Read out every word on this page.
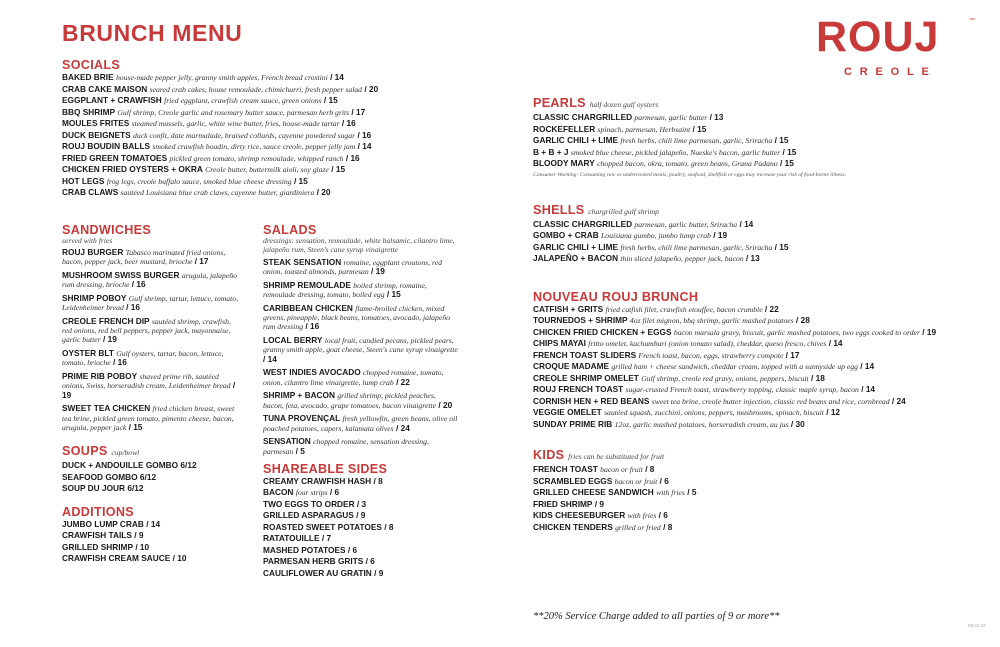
BRUNCH MENU	ROUJ	™
CREOLE
SOCIALS
BAKED BRIE house-made pepper jelly, granny smith apples, French bread crostini / 14
CRAB CAKE MAISON seared crab cakes, house remoulade, chimichurri, fresh pepper salad / 20
EGGPLANT + CRAWFISH fried eggplant, crawfish cream sauce, green onions / 15
BBQ SHRIMP Gulf shrimp, Creole garlic and rosemary butter sauce, parmesan herb grits / 17
MOULES FRITES steamed mussels, garlic, white wine butter, fries, house-made tartar / 16
DUCK BEIGNETS duck confit, date marmalade, braised collards, cayenne powdered sugar / 16
ROUJ BOUDIN BALLS smoked crawfish boudin, dirty rice, sauce creole, pepper jelly jam / 14
FRIED GREEN TOMATOES pickled green tomato, shrimp remoulade, whipped ranch / 16
CHICKEN FRIED OYSTERS + OKRA Creole butter, buttermilk aioli, soy glaze / 15
HOT LEGS frog legs, creole buffalo sauce, smoked blue cheese dressing / 15
CRAB CLAWS sautéed Louisiana blue crab claws, cayenne butter, giardiniera / 20
SANDWICHES
served with fries
ROUJ BURGER Tabasco marinated fried onions, bacon, pepper jack, beer mustard, brioche / 17
MUSHROOM SWISS BURGER arugula, jalapeño rum dressing, brioche / 16
SHRIMP POBOY Gulf shrimp, tartar, lettuce, tomato, Leidenheimer bread / 16
CREOLE FRENCH DIP sautéed shrimp, crawfish, red onions, red bell peppers, pepper jack, mayonnaise, garlic butter / 19
OYSTER BLT Gulf oysters, tartar, bacon, lettuce, tomato, brioche / 16
PRIME RIB POBOY shaved prime rib, sautéed onions, Swiss, horseradish cream, Leidenheimer bread / 19
SWEET TEA CHICKEN fried chicken breast, sweet tea brine, pickled green tomato, pimento cheese, bacon, arugula, pepper jack / 15
SOUPS cup/bowl
DUCK + ANDOUILLE GOMBO 6/12
SEAFOOD GOMBO 6/12
SOUP DU JOUR 6/12
ADDITIONS
JUMBO LUMP CRAB / 14
CRAWFISH TAILS / 9
GRILLED SHRIMP / 10
CRAWFISH CREAM SAUCE / 10
SALADS
dressings: sensation, remoulade, white balsamic, cilantro lime, jalapeño rum, Steen's cane syrup vinaigrette
STEAK SENSATION romaine, eggplant croutons, red onion, toasted almonds, parmesan / 19
SHRIMP REMOULADE boiled shrimp, romaine, remoulade dressing, tomato, boiled egg / 15
CARIBBEAN CHICKEN flame-broiled chicken, mixed greens, pineapple, black beans, tomatoes, avocado, jalapeño rum dressing / 16
LOCAL BERRY local fruit, candied pecans, pickled pears, granny smith apple, goat cheese, Steen's cane syrup vinaigrette / 14
WEST INDIES AVOCADO chopped romaine, tomato, onion, cilantro lime vinaigrette, lump crab / 22
SHRIMP + BACON grilled shrimp, pickled peaches, bacon, feta, avocado, grape tomatoes, bacon vinaigrette / 20
TUNA PROVENÇAL fresh yellowfin, green beans, olive oil poached potatoes, capers, kalamata olives / 24
SENSATION chopped romaine, sensation dressing, parmesan / 5
SHAREABLE SIDES
CREAMY CRAWFISH HASH / 8
BACON four strips / 6
TWO EGGS TO ORDER / 3
GRILLED ASPARAGUS / 9
ROASTED SWEET POTATOES / 8
RATATOUILLE / 7
MASHED POTATOES / 6
PARMESAN HERB GRITS / 6
CAULIFLOWER AU GRATIN / 9
PEARLS half dozen gulf oysters
CLASSIC CHARGRILLED parmesan, garlic butter / 13
ROCKEFELLER spinach, parmesan, Herbsaint / 15
GARLIC CHILI + LIME fresh herbs, chili lime parmesan, garlic, Sriracha / 15
B + B + J smoked blue cheese, pickled jalapeño, Nueske's bacon, garlic butter / 15
BLOODY MARY chopped bacon, okra, tomato, green beans, Grana Padano / 15
Consumer Warning: Consuming raw or undercooked meats, poultry, seafood, shellfish or eggs may increase your risk of food-borne illness.
SHELLS chargrilled gulf shrimp
CLASSIC CHARGRILLED parmesan, garlic butter, Sriracha / 14
GOMBO + CRAB Louisiana gumbo, jumbo lump crab / 19
GARLIC CHILI + LIME fresh herbs, chili lime parmesan, garlic, Sriracha / 15
JALAPEÑO + BACON thin sliced jalapeño, pepper jack, bacon / 13
NOUVEAU ROUJ BRUNCH
CATFISH + GRITS fried catfish filet, crawfish etouffee, bacon crumble / 22
TOURNEDOS + SHRIMP 4oz filet mignon, bbq shrimp, garlic mashed potatoes / 28
CHICKEN FRIED CHICKEN + EGGS bacon marsala gravy, biscuit, garlic mashed potatoes, two eggs cooked to order / 19
CHIPS MAYAI fritto omelet, kachumbari (onion tomato salad), cheddar, queso fresco, chives / 14
FRENCH TOAST SLIDERS French toast, bacon, eggs, strawberry compote / 17
CROQUE MADAME grilled ham + cheese sandwich, cheddar cream, topped with a sunnyside up egg / 14
CREOLE SHRIMP OMELET Gulf shrimp, creole red gravy, onions, peppers, biscuit / 18
ROUJ FRENCH TOAST sugar-crusted French toast, strawberry topping, classic maple syrup, bacon / 14
CORNISH HEN + RED BEANS sweet tea brine, creole butter injection, classic red beans and rice, cornbread / 24
VEGGIE OMELET sautéed squash, zucchini, onions, peppers, mushrooms, spinach, biscuit / 12
SUNDAY PRIME RIB 12oz, garlic mashed potatoes, horseradish cream, au jus / 30
KIDS fries can be substituted for fruit
FRENCH TOAST bacon or fruit / 8
SCRAMBLED EGGS bacon or fruit / 6
GRILLED CHEESE SANDWICH with fries / 5
FRIED SHRIMP / 9
KIDS CHEESEBURGER with fries / 6
CHICKEN TENDERS grilled or fried / 8
**20% Service Charge added to all parties of 9 or more**
09.01.22
